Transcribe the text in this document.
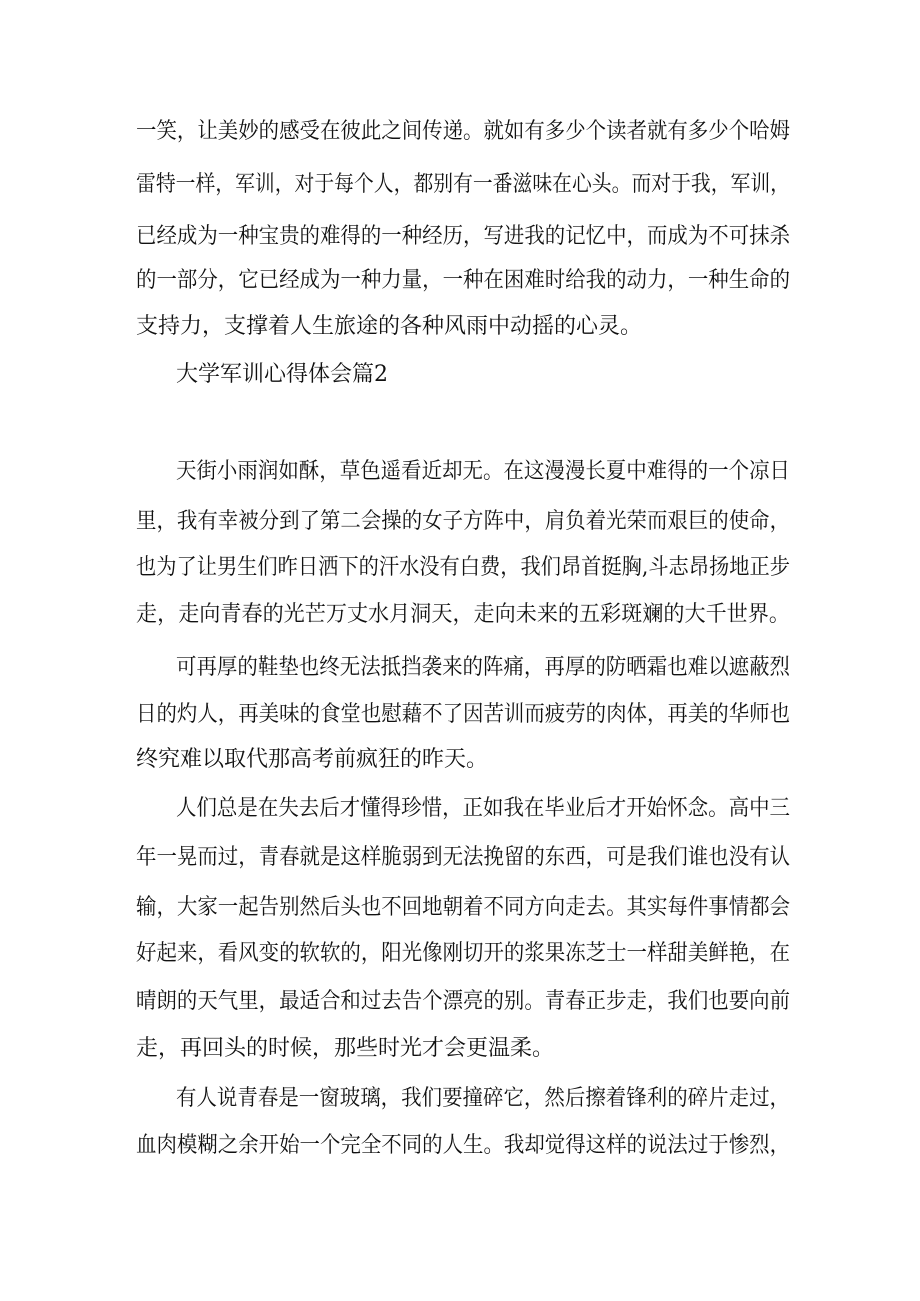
一笑，让美妙的感受在彼此之间传递。就如有多少个读者就有多少个哈姆

雷特一样，军训，对于每个人，都别有一番滋味在心头。而对于我，军训，

已经成为一种宝贵的难得的一种经历，写进我的记忆中，而成为不可抹杀

的一部分，它已经成为一种力量，一种在困难时给我的动力，一种生命的

支持力，支撑着人生旅途的各种风雨中动摇的心灵。

大学军训心得体会篇2

天街小雨润如酥，草色遥看近却无。在这漫漫长夏中难得的一个凉日

里，我有幸被分到了第二会操的女子方阵中，肩负着光荣而艰巨的使命，

也为了让男生们昨日洒下的汗水没有白费，我们昂首挺胸,斗志昂扬地正步

走，走向青春的光芒万丈水月洞天，走向未来的五彩斑斓的大千世界。

可再厚的鞋垫也终无法抵挡袭来的阵痛，再厚的防晒霜也难以遮蔽烈

日的灼人，再美味的食堂也慰藉不了因苦训而疲劳的肉体，再美的华师也

终究难以取代那高考前疯狂的昨天。

人们总是在失去后才懂得珍惜，正如我在毕业后才开始怀念。高中三

年一晃而过，青春就是这样脆弱到无法挽留的东西，可是我们谁也没有认

输，大家一起告别然后头也不回地朝着不同方向走去。其实每件事情都会

好起来，看风变的软软的，阳光像刚切开的浆果冻芝士一样甜美鲜艳，在

晴朗的天气里，最适合和过去告个漂亮的别。青春正步走，我们也要向前

走，再回头的时候，那些时光才会更温柔。

有人说青春是一窗玻璃，我们要撞碎它，然后擦着锋利的碎片走过，

血肉模糊之余开始一个完全不同的人生。我却觉得这样的说法过于惨烈，
